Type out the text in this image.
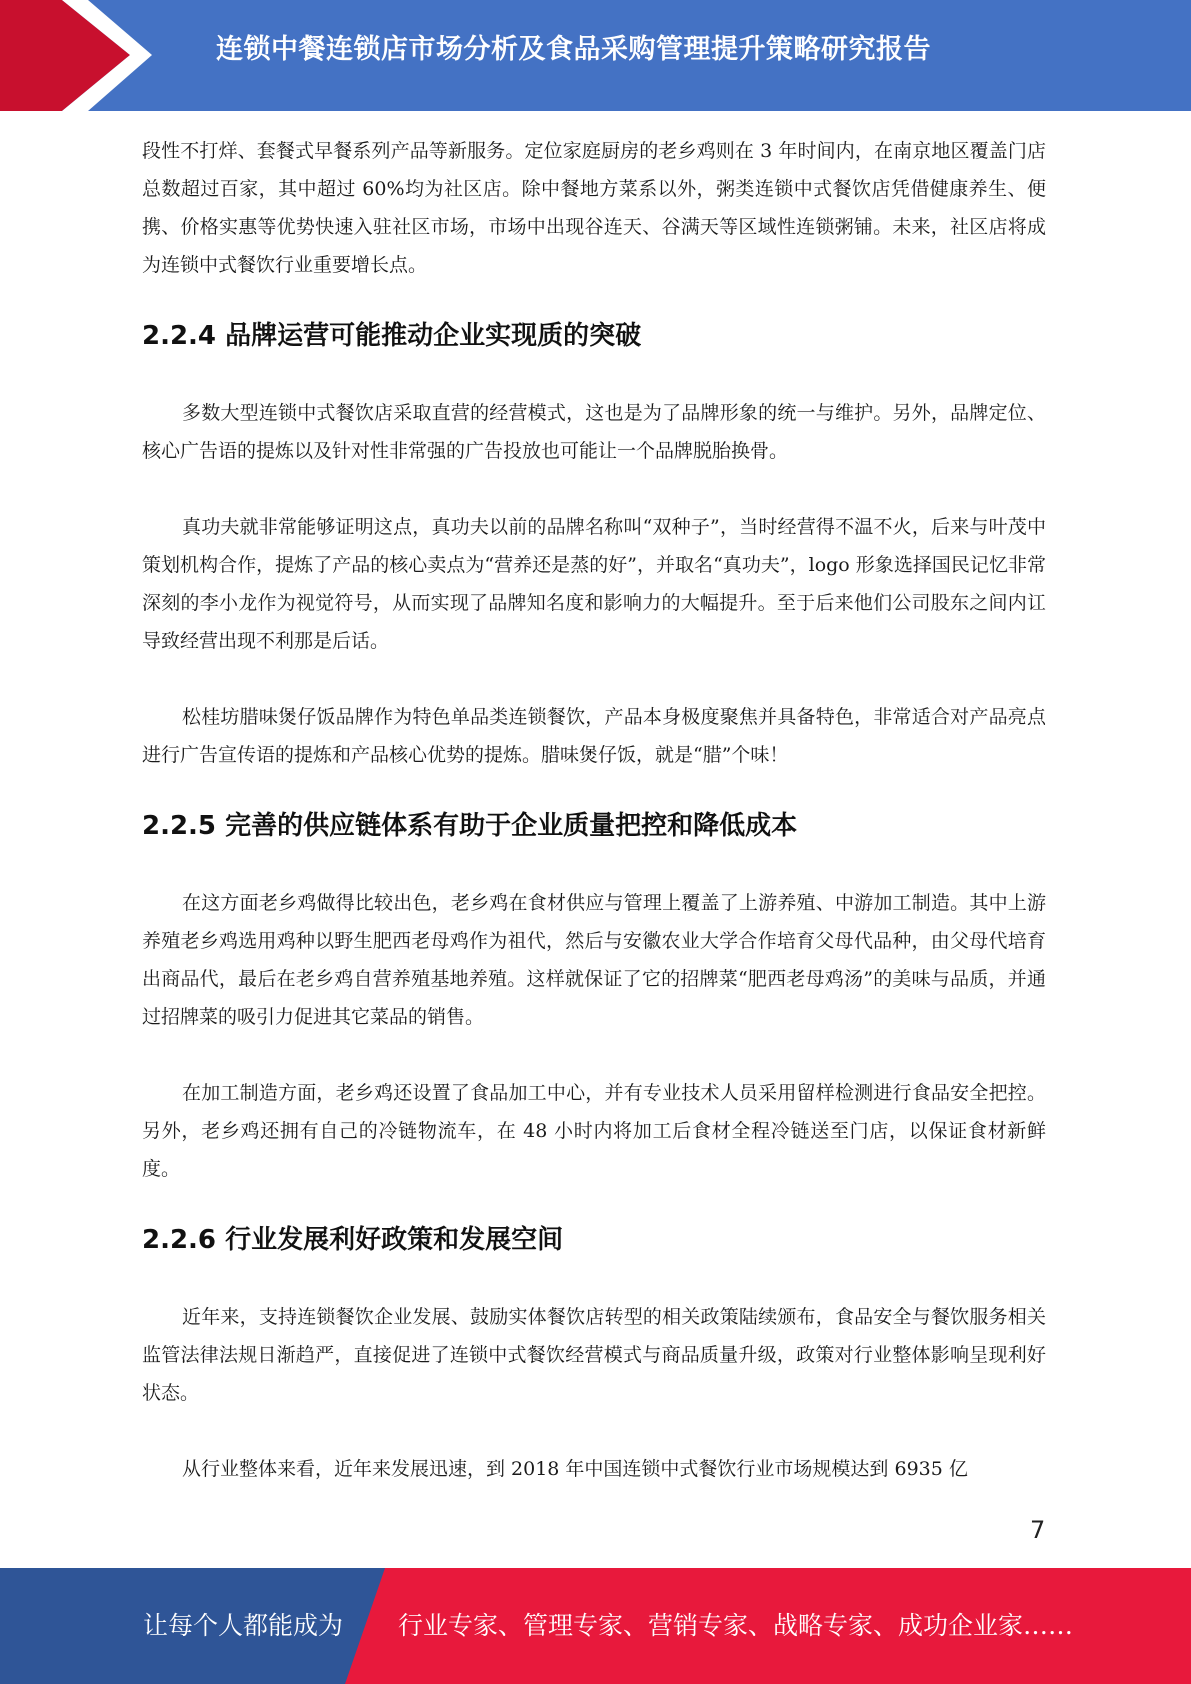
连锁中餐连锁店市场分析及食品采购管理提升策略研究报告

段性不打烊、套餐式早餐系列产品等新服务。定位家庭厨房的老乡鸡则在 3 年时间内，在南京地区覆盖门店总数超过百家，其中超过 60%均为社区店。除中餐地方菜系以外，粥类连锁中式餐饮店凭借健康养生、便携、价格实惠等优势快速入驻社区市场，市场中出现谷连天、谷满天等区域性连锁粥铺。未来，社区店将成为连锁中式餐饮行业重要增长点。

2.2.4 品牌运营可能推动企业实现质的突破

多数大型连锁中式餐饮店采取直营的经营模式，这也是为了品牌形象的统一与维护。另外，品牌定位、核心广告语的提炼以及针对性非常强的广告投放也可能让一个品牌脱胎换骨。

真功夫就非常能够证明这点，真功夫以前的品牌名称叫“双种子”，当时经营得不温不火，后来与叶茂中策划机构合作，提炼了产品的核心卖点为“营养还是蒸的好”，并取名“真功夫”，logo 形象选择国民记忆非常深刻的李小龙作为视觉符号，从而实现了品牌知名度和影响力的大幅提升。至于后来他们公司股东之间内讧导致经营出现不利那是后话。

松桂坊腊味煲仔饭品牌作为特色单品类连锁餐饮，产品本身极度聚焦并具备特色，非常适合对产品亮点进行广告宣传语的提炼和产品核心优势的提炼。腊味煲仔饭，就是“腊”个味！

2.2.5 完善的供应链体系有助于企业质量把控和降低成本

在这方面老乡鸡做得比较出色，老乡鸡在食材供应与管理上覆盖了上游养殖、中游加工制造。其中上游养殖老乡鸡选用鸡种以野生肥西老母鸡作为祖代，然后与安徽农业大学合作培育父母代品种，由父母代培育出商品代，最后在老乡鸡自营养殖基地养殖。这样就保证了它的招牌菜“肥西老母鸡汤”的美味与品质，并通过招牌菜的吸引力促进其它菜品的销售。

在加工制造方面，老乡鸡还设置了食品加工中心，并有专业技术人员采用留样检测进行食品安全把控。另外，老乡鸡还拥有自己的冷链物流车，在 48 小时内将加工后食材全程冷链送至门店，以保证食材新鲜度。

2.2.6 行业发展利好政策和发展空间

近年来，支持连锁餐饮企业发展、鼓励实体餐饮店转型的相关政策陆续颁布，食品安全与餐饮服务相关监管法律法规日渐趋严，直接促进了连锁中式餐饮经营模式与商品质量升级，政策对行业整体影响呈现利好状态。

从行业整体来看，近年来发展迅速，到 2018 年中国连锁中式餐饮行业市场规模达到 6935 亿

7
让每个人都能成为 行业专家、管理专家、营销专家、战略专家、成功企业家……
